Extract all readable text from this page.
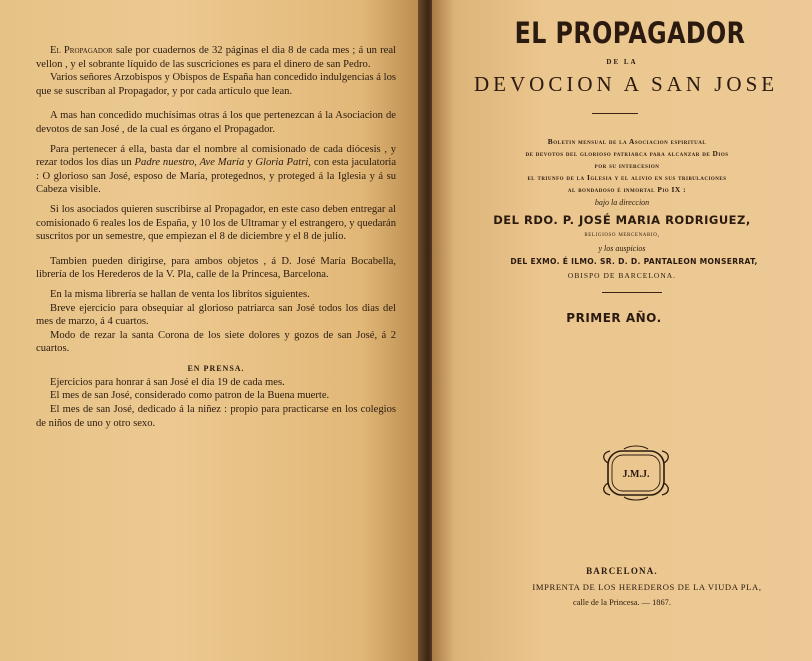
El Propagador sale por cuadernos de 32 páginas el dia 8 de cada mes ; á un real vellon , y el sobrante líquido de las suscriciones es para el dinero de san Pedro.

Varios señores Arzobispos y Obispos de España han concedido indulgencias á los que se suscriban al Propagador, y por cada artículo que lean.

A mas han concedido muchísimas otras á los que pertenezcan á la Asociacion de devotos de san José , de la cual es órgano el Propagador.

Para pertenecer á ella, basta dar el nombre al comisionado de cada diócesis , y rezar todos los dias un Padre nuestro, Ave María y Gloria Patri, con esta jaculatoria : O glorioso san José, esposo de María, protegednos, y proteged á la Iglesia y á su Cabeza visible.

Si los asociados quieren suscribirse al Propagador, en este caso deben entregar al comisionado 6 reales los de España, y 10 los de Ultramar y el estrangero, y quedarán suscritos por un semestre, que empiezan el 8 de diciembre y el 8 de julio.

Tambien pueden dirigirse, para ambos objetos , á D. José María Bocabella, librería de los Herederos de la V. Pla, calle de la Princesa, Barcelona.

En la misma librería se hallan de venta los librítos siguientes.

Breve ejercicio para obsequiar al glorioso patriarca san José todos los dias del mes de marzo, á 4 cuartos.

Modo de rezar la santa Corona de los siete dolores y gozos de san José, á 2 cuartos.

EN PRENSA.

Ejercicios para honrar á san José el dia 19 de cada mes.

El mes de san José, considerado como patron de la Buena muerte.

El mes de san José, dedicado á la niñez : propio para practicarse en los colegios de niños de uno y otro sexo.

EL PROPAGADOR
DE LA
DEVOCION A SAN JOSE
Boletin mensual de la Asociacion espiritual
de devotos del glorioso patriarca para alcanzar de Dios
por su intercesion
el triunfo de la Iglesia y el alivio en sus tribulaciones
al bondadoso é inmortal Pio IX :
bajo la direccion
DEL RDO. P. JOSÉ MARIA RODRIGUEZ,
religioso mercenario,
y los auspicios
DEL EXMO. É ILMO. SR. D. D. PANTALEON MONSERRAT,
OBISPO DE BARCELONA.
PRIMER AÑO.
J.M.J.
BARCELONA.
IMPRENTA DE LOS HEREDEROS DE LA VIUDA PLA,
calle de la Princesa. — 1867.
